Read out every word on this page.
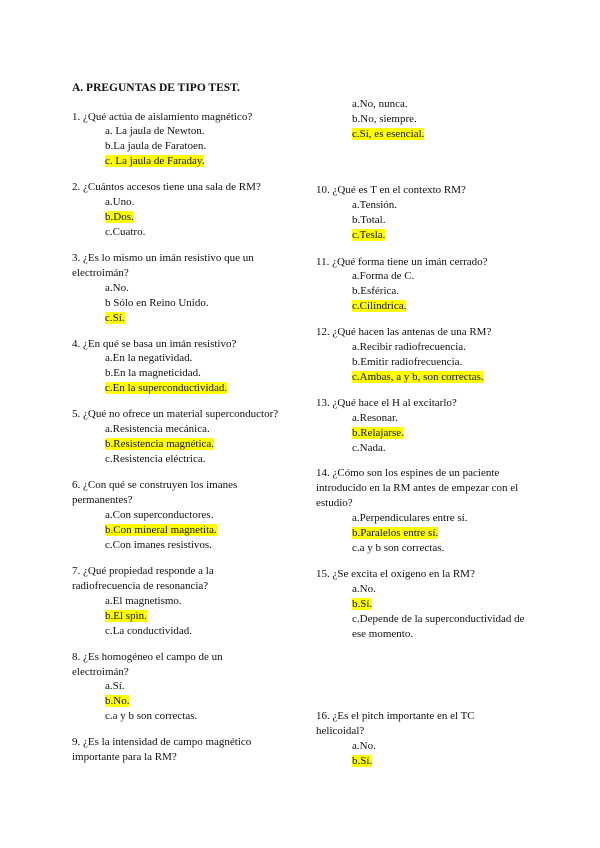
A. PREGUNTAS DE TIPO TEST.
1. ¿Qué actúa de aislamiento magnético?
a. La jaula de Newton.
b.La jaula de Faratoen.
c. La jaula de Faraday.
2. ¿Cuántos accesos tiene una sala de RM?
a.Uno.
b.Dos.
c.Cuatro.
3. ¿Es lo mismo un imán resistivo que un
electroimán?
a.No.
b Sólo en Reino Unido.
c.Sí.
4. ¿En qué se basa un imán resistivo?
a.En la negatividad.
b.En la magneticidad.
c.En la superconductividad.
5. ¿Qué no ofrece un material superconductor?
a.Resistencia mecánica.
b.Resistencia magnética.
c.Resistencia eléctrica.
6. ¿Con qué se construyen los imanes
permanentes?
a.Con superconductores.
b.Con mineral magnetita.
c.Con imanes resistivos.
7. ¿Qué propiedad responde a la
radiofrecuencia de resonancia?
a.El magnetismo.
b.El spin.
c.La conductividad.
8. ¿Es homogéneo el campo de un
electroimán?
a.Sí.
b.No.
c.a y b son correctas.
9. ¿Es la intensidad de campo magnético
importante para la RM?
a.No, nunca.
b.No, siempre.
c.Sí, es esencial.
10. ¿Qué es T en el contexto RM?
a.Tensión.
b.Total.
c.Tesla.
11. ¿Qué forma tiene un imán cerrado?
a.Forma de C.
b.Esférica.
c.Cilíndrica.
12. ¿Qué hacen las antenas de una RM?
a.Recibir radiofrecuencia.
b.Emitir radiofrecuencia.
c.Ambas, a y b, son correctas.
13. ¿Qué hace el H al excitarlo?
a.Resonar.
b.Relajarse.
c.Nada.
14. ¿Cómo son los espines de un paciente
introducido en la RM antes de empezar con el
estudio?
a.Perpendiculares entre sí.
b.Paralelos entre sí.
c.a y b son correctas.
15. ¿Se excita el oxígeno en la RM?
a.No.
b.Sí.
c.Depende de la superconductividad de
ese momento.
16. ¿Es el pitch importante en el TC
helicoidal?
a.No.
b.Sí.
